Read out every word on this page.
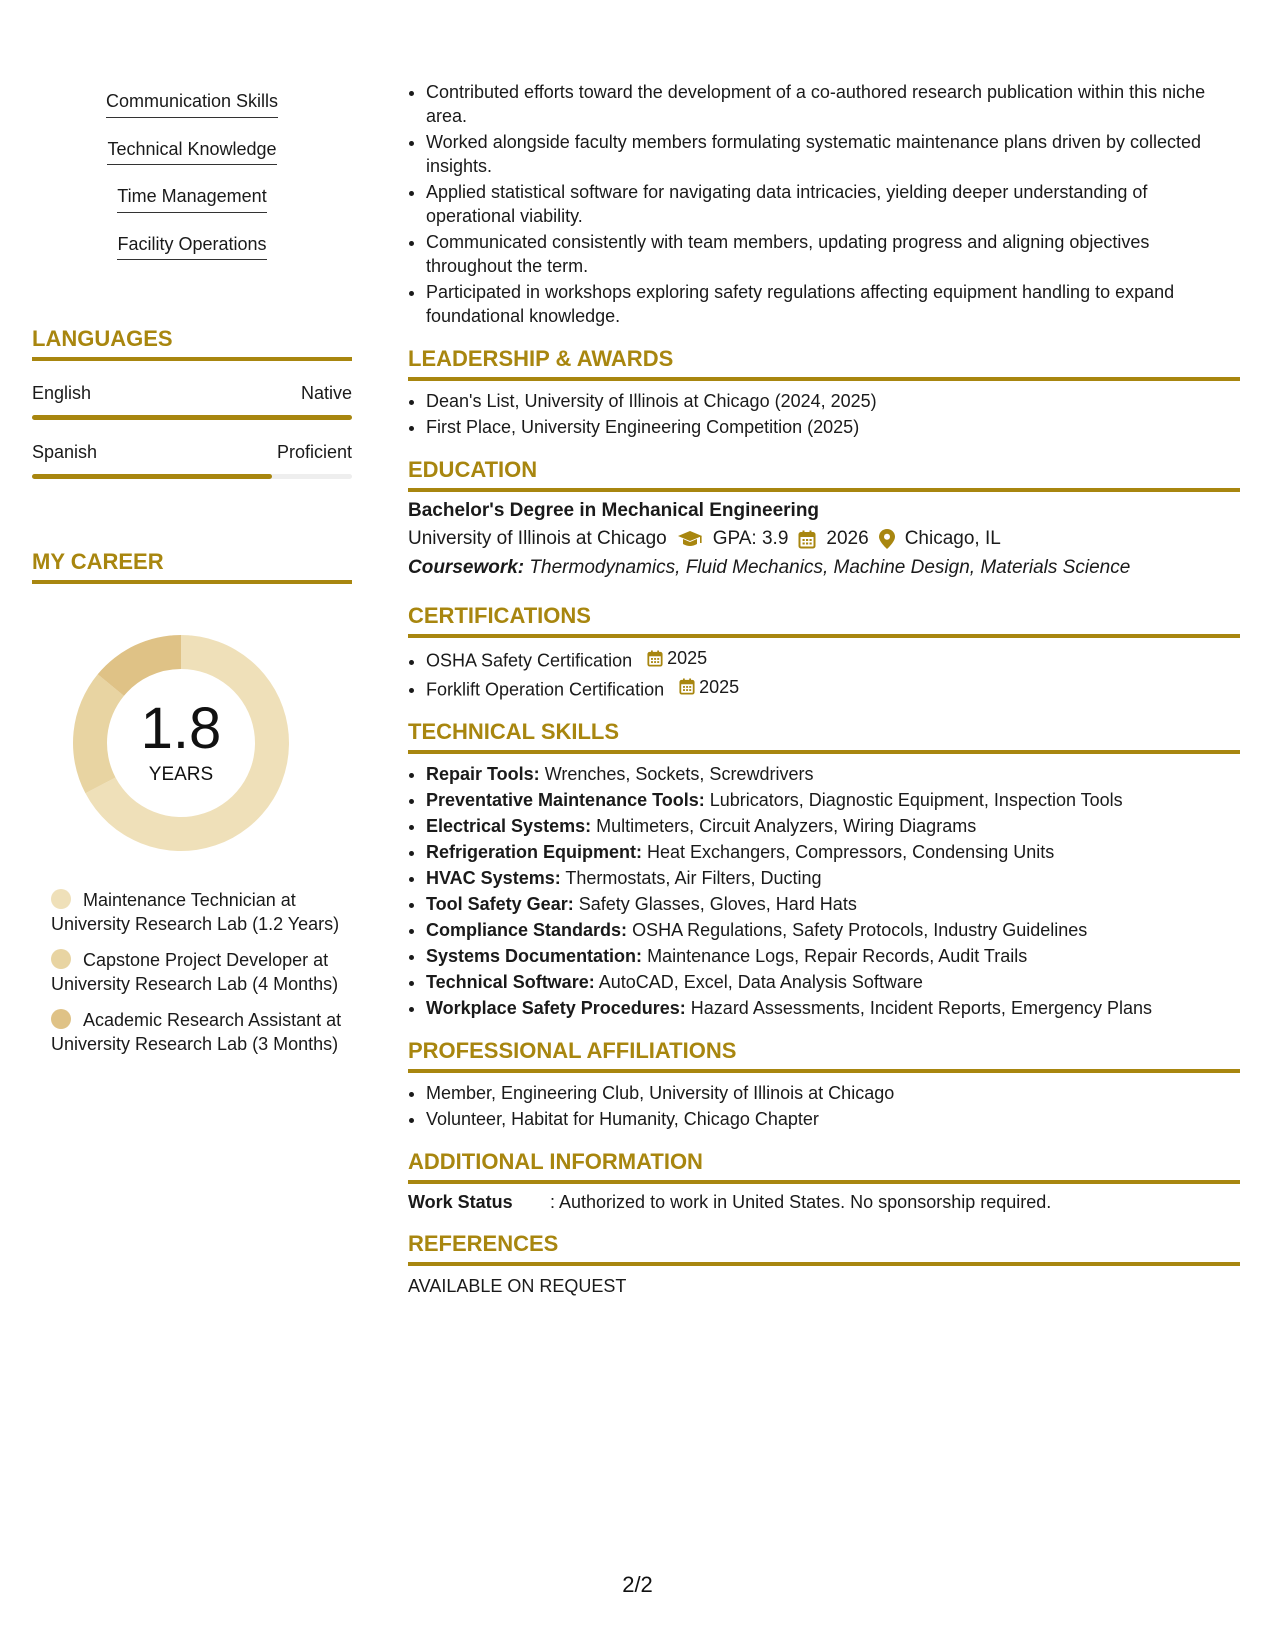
Communication Skills
Technical Knowledge
Time Management
Facility Operations
LANGUAGES
English	Native
Spanish	Proficient
MY CAREER
1.8
YEARS
Maintenance Technician at University Research Lab (1.2 Years)
Capstone Project Developer at University Research Lab (4 Months)
Academic Research Assistant at University Research Lab (3 Months)
• Contributed efforts toward the development of a co-authored research publication within this niche area.
• Worked alongside faculty members formulating systematic maintenance plans driven by collected insights.
• Applied statistical software for navigating data intricacies, yielding deeper understanding of operational viability.
• Communicated consistently with team members, updating progress and aligning objectives throughout the term.
• Participated in workshops exploring safety regulations affecting equipment handling to expand foundational knowledge.
LEADERSHIP & AWARDS
• Dean's List, University of Illinois at Chicago (2024, 2025)
• First Place, University Engineering Competition (2025)
EDUCATION
Bachelor's Degree in Mechanical Engineering
University of Illinois at Chicago GPA: 3.9 2026 Chicago, IL
Coursework: Thermodynamics, Fluid Mechanics, Machine Design, Materials Science
CERTIFICATIONS
• OSHA Safety Certification 2025
• Forklift Operation Certification 2025
TECHNICAL SKILLS
• Repair Tools: Wrenches, Sockets, Screwdrivers
• Preventative Maintenance Tools: Lubricators, Diagnostic Equipment, Inspection Tools
• Electrical Systems: Multimeters, Circuit Analyzers, Wiring Diagrams
• Refrigeration Equipment: Heat Exchangers, Compressors, Condensing Units
• HVAC Systems: Thermostats, Air Filters, Ducting
• Tool Safety Gear: Safety Glasses, Gloves, Hard Hats
• Compliance Standards: OSHA Regulations, Safety Protocols, Industry Guidelines
• Systems Documentation: Maintenance Logs, Repair Records, Audit Trails
• Technical Software: AutoCAD, Excel, Data Analysis Software
• Workplace Safety Procedures: Hazard Assessments, Incident Reports, Emergency Plans
PROFESSIONAL AFFILIATIONS
• Member, Engineering Club, University of Illinois at Chicago
• Volunteer, Habitat for Humanity, Chicago Chapter
ADDITIONAL INFORMATION
Work Status	: Authorized to work in United States. No sponsorship required.
REFERENCES
AVAILABLE ON REQUEST
2/2
